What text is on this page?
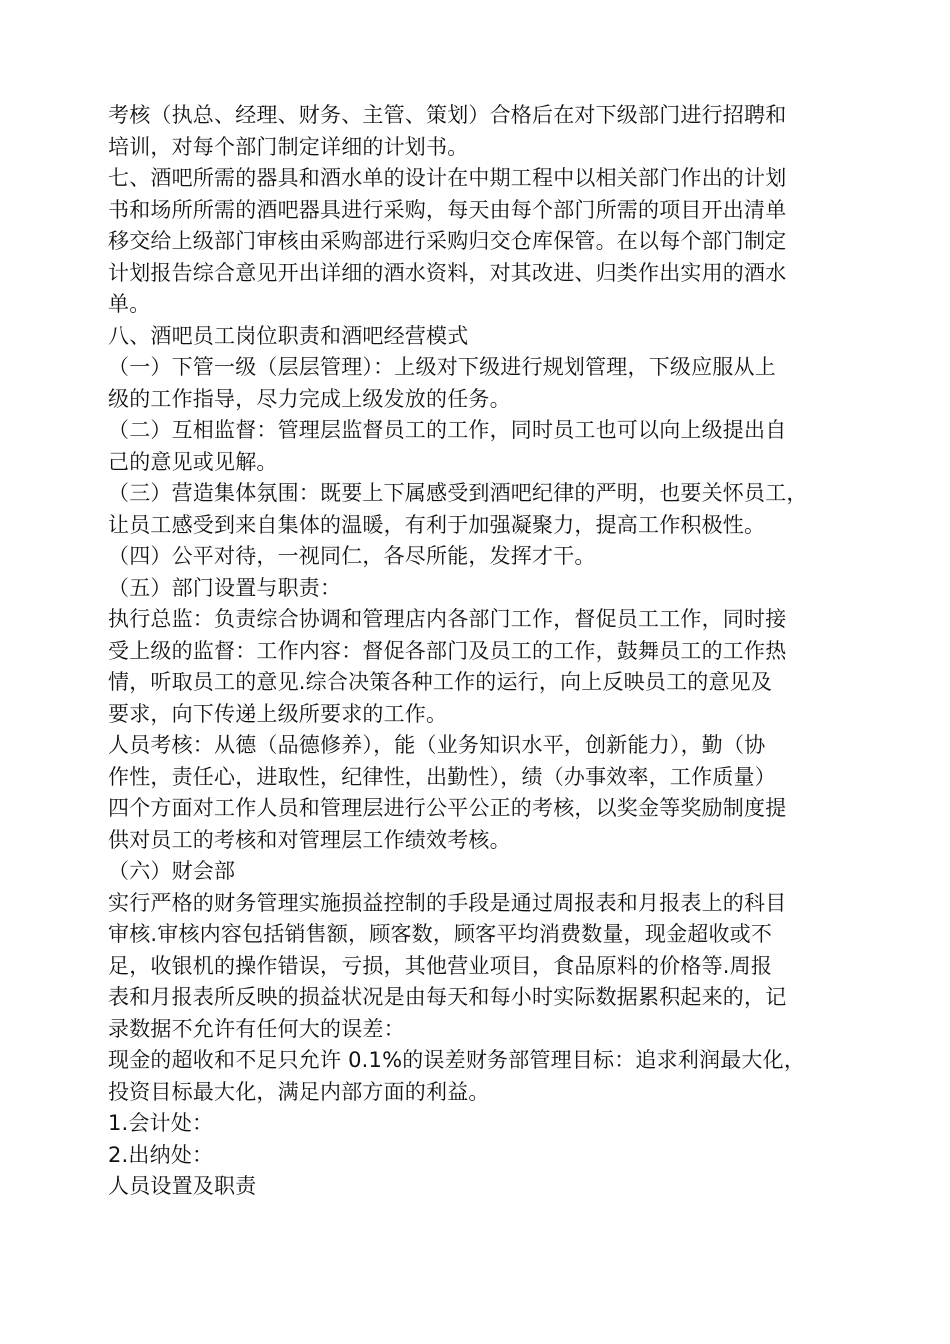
考核（执总、经理、财务、主管、策划）合格后在对下级部门进行招聘和
培训，对每个部门制定详细的计划书。
七、酒吧所需的器具和酒水单的设计在中期工程中以相关部门作出的计划
书和场所所需的酒吧器具进行采购，每天由每个部门所需的项目开出清单
移交给上级部门审核由采购部进行采购归交仓库保管。在以每个部门制定
计划报告综合意见开出详细的酒水资料，对其改进、归类作出实用的酒水
单。
八、酒吧员工岗位职责和酒吧经营模式
（一）下管一级（层层管理）：上级对下级进行规划管理，下级应服从上
级的工作指导，尽力完成上级发放的任务。
（二）互相监督：管理层监督员工的工作，同时员工也可以向上级提出自
己的意见或见解。
（三）营造集体氛围：既要上下属感受到酒吧纪律的严明，也要关怀员工，
让员工感受到来自集体的温暖，有利于加强凝聚力，提高工作积极性。
（四）公平对待，一视同仁，各尽所能，发挥才干。
（五）部门设置与职责：
执行总监：负责综合协调和管理店内各部门工作，督促员工工作，同时接
受上级的监督：工作内容：督促各部门及员工的工作，鼓舞员工的工作热
情，听取员工的意见.综合决策各种工作的运行，向上反映员工的意见及
要求，向下传递上级所要求的工作。
人员考核：从德（品德修养），能（业务知识水平，创新能力），勤（协
作性，责任心，进取性，纪律性，出勤性），绩（办事效率，工作质量）
四个方面对工作人员和管理层进行公平公正的考核，以奖金等奖励制度提
供对员工的考核和对管理层工作绩效考核。
（六）财会部
实行严格的财务管理实施损益控制的手段是通过周报表和月报表上的科目
审核.审核内容包括销售额，顾客数，顾客平均消费数量，现金超收或不
足，收银机的操作错误，亏损，其他营业项目，食品原料的价格等.周报
表和月报表所反映的损益状况是由每天和每小时实际数据累积起来的，记
录数据不允许有任何大的误差：
现金的超收和不足只允许 0.1%的误差财务部管理目标：追求利润最大化，
投资目标最大化，满足内部方面的利益。
1.会计处：
2.出纳处：
人员设置及职责
